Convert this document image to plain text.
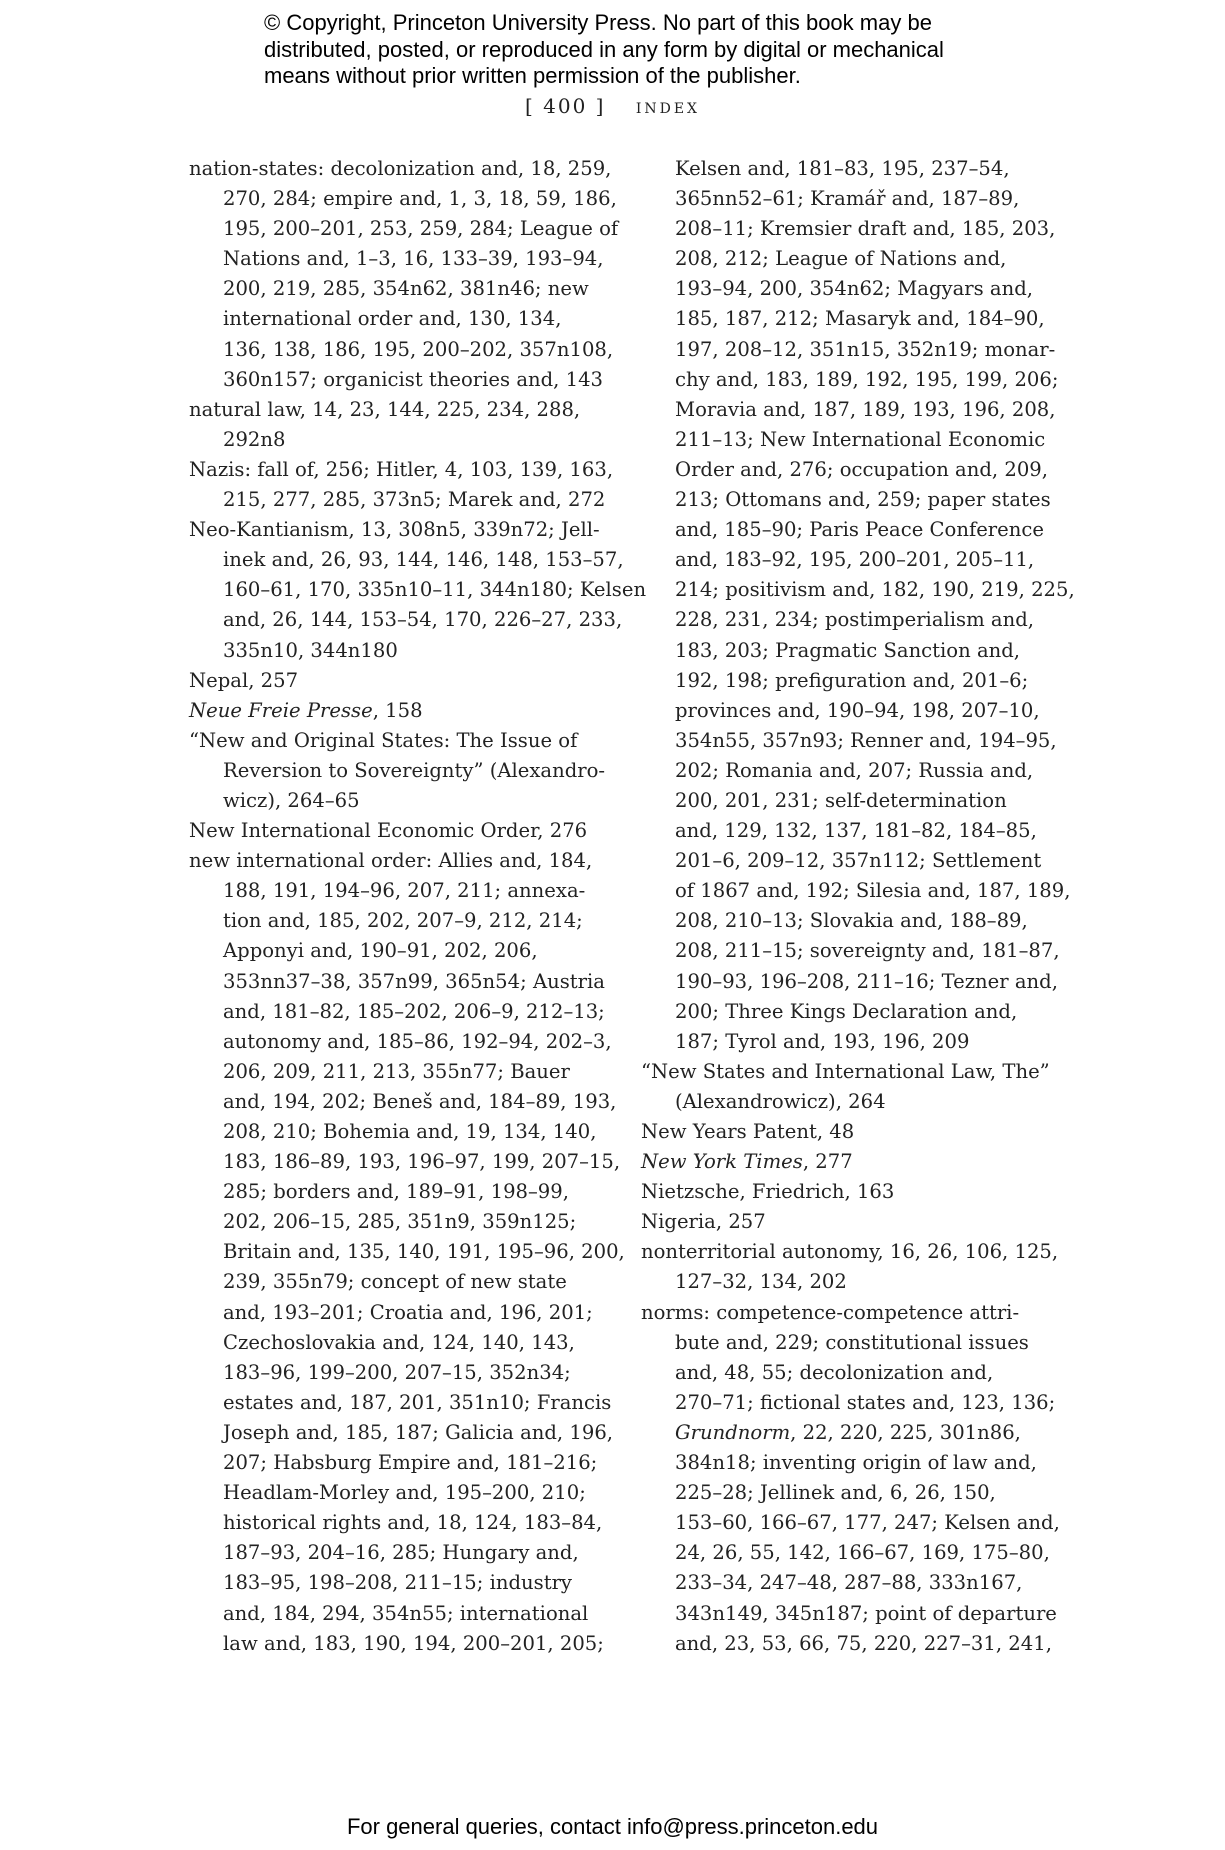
© Copyright, Princeton University Press. No part of this book may be
distributed, posted, or reproduced in any form by digital or mechanical
means without prior written permission of the publisher.
[ 400 ] index
nation-states: decolonization and, 18, 259,
270, 284; empire and, 1, 3, 18, 59, 186,
195, 200–201, 253, 259, 284; League of
Nations and, 1–3, 16, 133–39, 193–94,
200, 219, 285, 354n62, 381n46; new
international order and, 130, 134,
136, 138, 186, 195, 200–202, 357n108,
360n157; organicist theories and, 143
natural law, 14, 23, 144, 225, 234, 288,
292n8
Nazis: fall of, 256; Hitler, 4, 103, 139, 163,
215, 277, 285, 373n5; Marek and, 272
Neo-Kantianism, 13, 308n5, 339n72; Jell-
inek and, 26, 93, 144, 146, 148, 153–57,
160–61, 170, 335n10–11, 344n180; Kelsen
and, 26, 144, 153–54, 170, 226–27, 233,
335n10, 344n180
Nepal, 257
Neue Freie Presse, 158
“New and Original States: The Issue of
Reversion to Sovereignty” (Alexandro-
wicz), 264–65
New International Economic Order, 276
new international order: Allies and, 184,
188, 191, 194–96, 207, 211; annexa-
tion and, 185, 202, 207–9, 212, 214;
Apponyi and, 190–91, 202, 206,
353nn37–38, 357n99, 365n54; Austria
and, 181–82, 185–202, 206–9, 212–13;
autonomy and, 185–86, 192–94, 202–3,
206, 209, 211, 213, 355n77; Bauer
and, 194, 202; Beneš and, 184–89, 193,
208, 210; Bohemia and, 19, 134, 140,
183, 186–89, 193, 196–97, 199, 207–15,
285; borders and, 189–91, 198–99,
202, 206–15, 285, 351n9, 359n125;
Britain and, 135, 140, 191, 195–96, 200,
239, 355n79; concept of new state
and, 193–201; Croatia and, 196, 201;
Czechoslovakia and, 124, 140, 143,
183–96, 199–200, 207–15, 352n34;
estates and, 187, 201, 351n10; Francis
Joseph and, 185, 187; Galicia and, 196,
207; Habsburg Empire and, 181–216;
Headlam-Morley and, 195–200, 210;
historical rights and, 18, 124, 183–84,
187–93, 204–16, 285; Hungary and,
183–95, 198–208, 211–15; industry
and, 184, 294, 354n55; international
law and, 183, 190, 194, 200–201, 205;
Kelsen and, 181–83, 195, 237–54,
365nn52–61; Kramář and, 187–89,
208–11; Kremsier draft and, 185, 203,
208, 212; League of Nations and,
193–94, 200, 354n62; Magyars and,
185, 187, 212; Masaryk and, 184–90,
197, 208–12, 351n15, 352n19; monar-
chy and, 183, 189, 192, 195, 199, 206;
Moravia and, 187, 189, 193, 196, 208,
211–13; New International Economic
Order and, 276; occupation and, 209,
213; Ottomans and, 259; paper states
and, 185–90; Paris Peace Conference
and, 183–92, 195, 200–201, 205–11,
214; positivism and, 182, 190, 219, 225,
228, 231, 234; postimperialism and,
183, 203; Pragmatic Sanction and,
192, 198; prefiguration and, 201–6;
provinces and, 190–94, 198, 207–10,
354n55, 357n93; Renner and, 194–95,
202; Romania and, 207; Russia and,
200, 201, 231; self-determination
and, 129, 132, 137, 181–82, 184–85,
201–6, 209–12, 357n112; Settlement
of 1867 and, 192; Silesia and, 187, 189,
208, 210–13; Slovakia and, 188–89,
208, 211–15; sovereignty and, 181–87,
190–93, 196–208, 211–16; Tezner and,
200; Three Kings Declaration and,
187; Tyrol and, 193, 196, 209
“New States and International Law, The”
(Alexandrowicz), 264
New Years Patent, 48
New York Times, 277
Nietzsche, Friedrich, 163
Nigeria, 257
nonterritorial autonomy, 16, 26, 106, 125,
127–32, 134, 202
norms: competence-competence attri-
bute and, 229; constitutional issues
and, 48, 55; decolonization and,
270–71; fictional states and, 123, 136;
Grundnorm, 22, 220, 225, 301n86,
384n18; inventing origin of law and,
225–28; Jellinek and, 6, 26, 150,
153–60, 166–67, 177, 247; Kelsen and,
24, 26, 55, 142, 166–67, 169, 175–80,
233–34, 247–48, 287–88, 333n167,
343n149, 345n187; point of departure
and, 23, 53, 66, 75, 220, 227–31, 241,
For general queries, contact info@press.princeton.edu
